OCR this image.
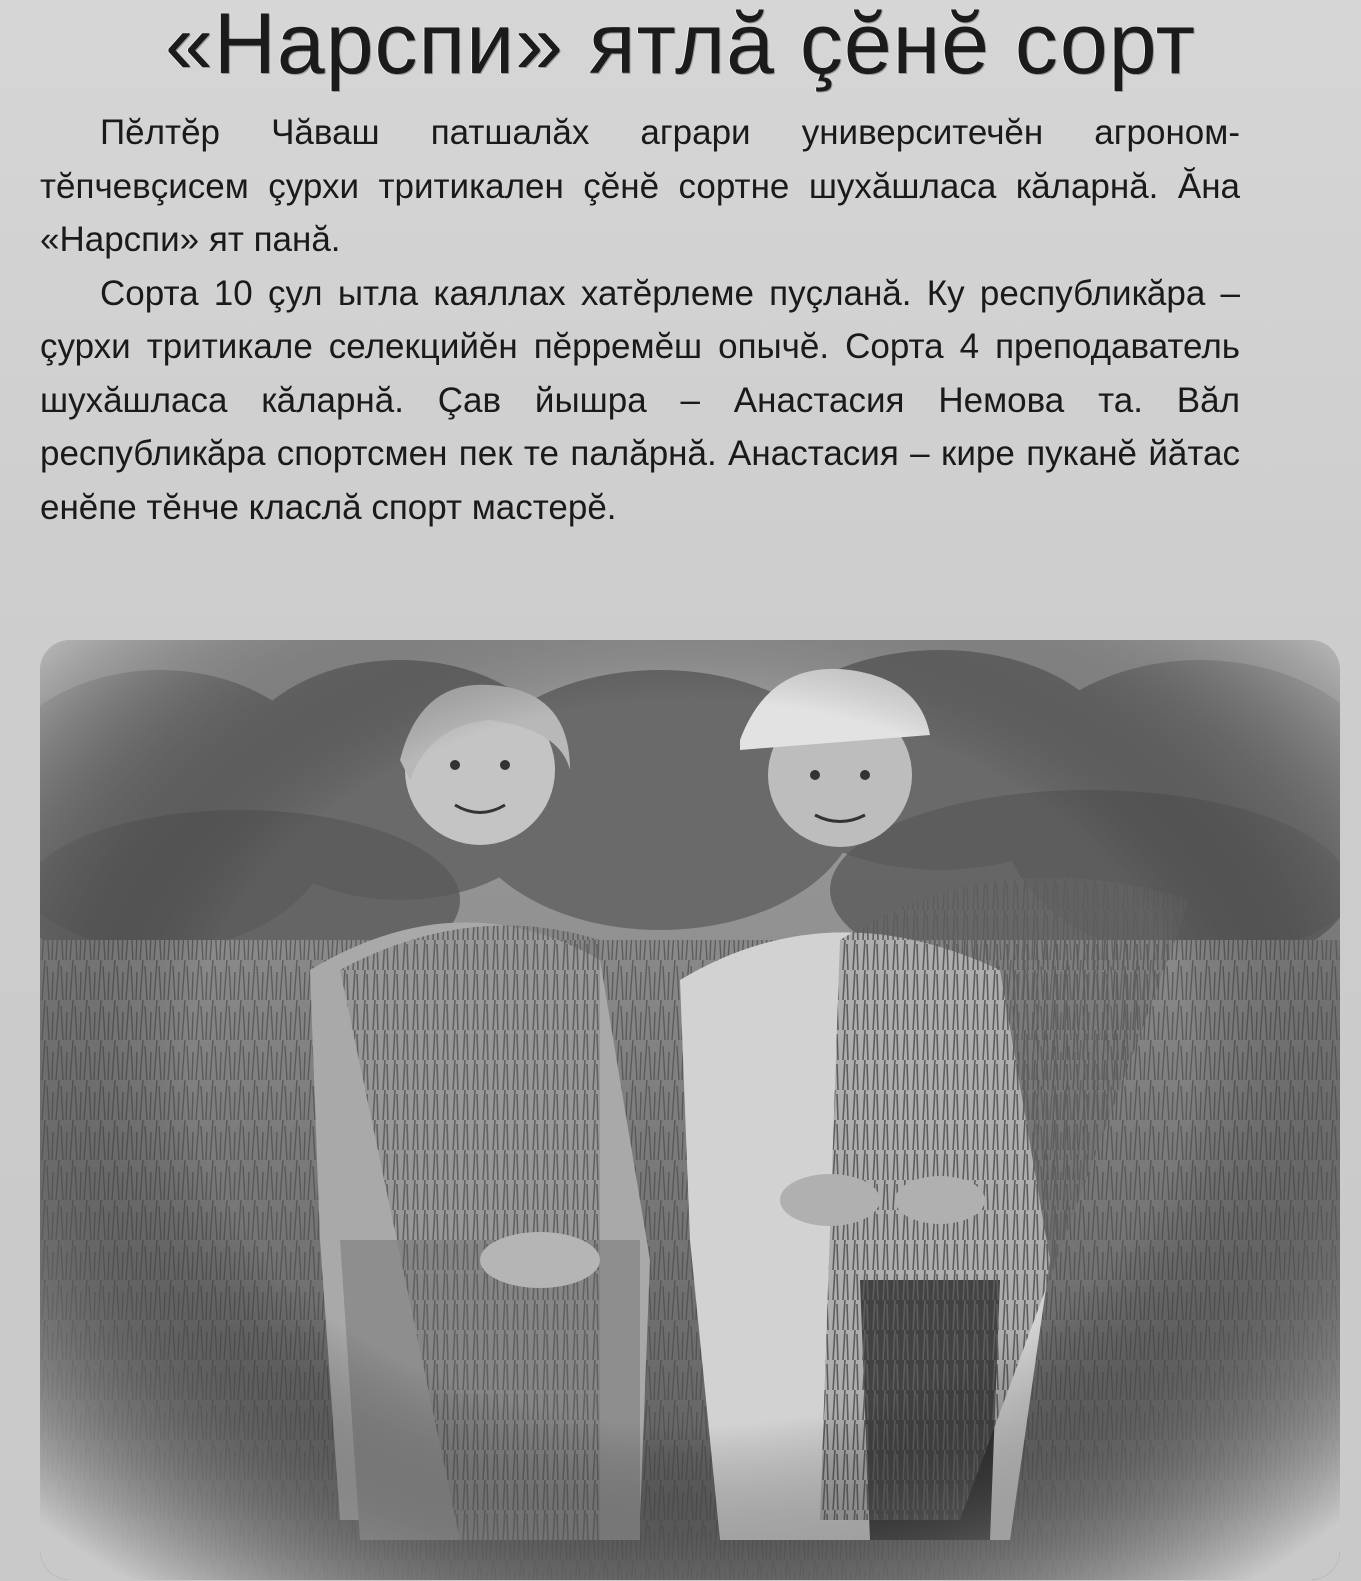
«Нарспи» ятлă çĕнĕ сорт

Пĕлтĕр Чăваш патшалăх аграри университечĕн агроном-тĕпчевçисем çурхи тритикален çĕнĕ сортне шухăшласа кăларнă. Ăна «Нарспи» ят панă.

Сорта 10 çул ытла каяллах хатĕрлеме пуçланă. Ку республикăра – çурхи тритикале селекцийĕн пĕрремĕш опычĕ. Сорта 4 преподаватель шухăшласа кăларнă. Çав йышра – Анастасия Немова та. Вăл республикăра спортсмен пек те палăрнă. Анастасия – кире пуканĕ йăтас енĕпе тĕнче класлă спорт мастерĕ.
